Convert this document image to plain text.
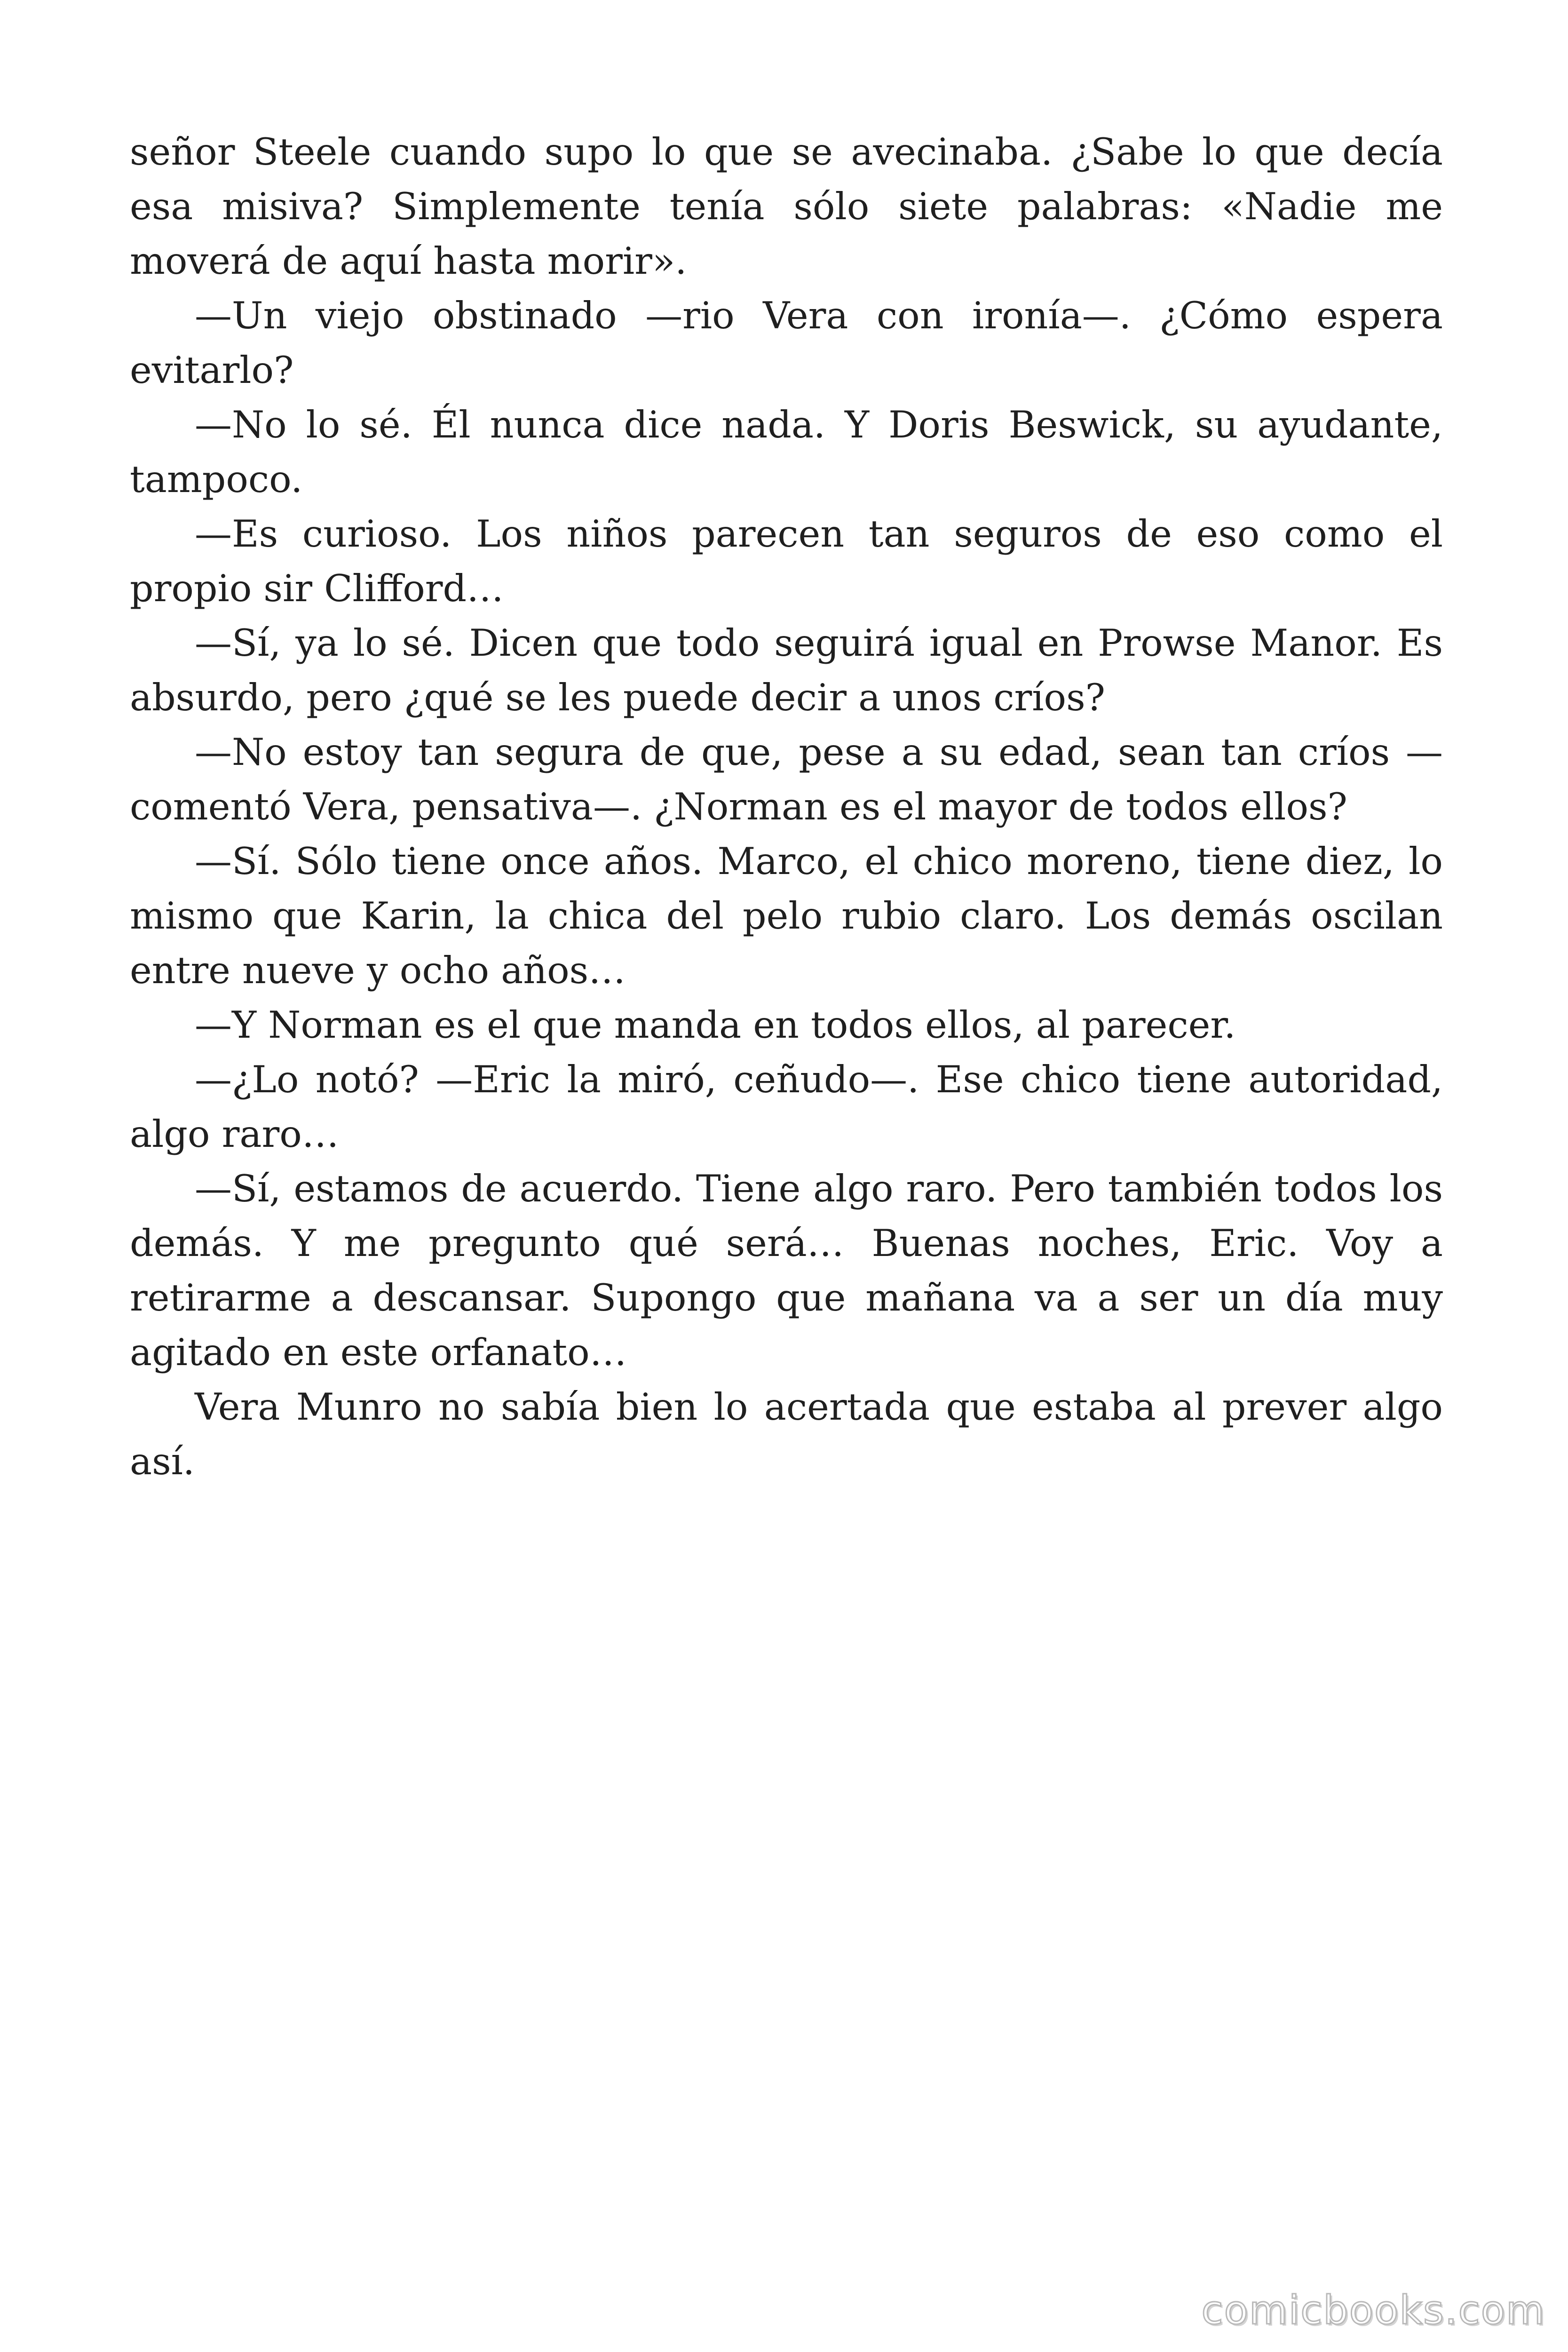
señor Steele cuando supo lo que se avecinaba. ¿Sabe lo que decía esa misiva? Simplemente tenía sólo siete palabras: «Nadie me moverá de aquí hasta morir».

—Un viejo obstinado —rio Vera con ironía—. ¿Cómo espera evitarlo?

—No lo sé. Él nunca dice nada. Y Doris Beswick, su ayudante, tampoco.

—Es curioso. Los niños parecen tan seguros de eso como el propio sir Clifford…

—Sí, ya lo sé. Dicen que todo seguirá igual en Prowse Manor. Es absurdo, pero ¿qué se les puede decir a unos críos?

—No estoy tan segura de que, pese a su edad, sean tan críos —comentó Vera, pensativa—. ¿Norman es el mayor de todos ellos?

—Sí. Sólo tiene once años. Marco, el chico moreno, tiene diez, lo mismo que Karin, la chica del pelo rubio claro. Los demás oscilan entre nueve y ocho años…

—Y Norman es el que manda en todos ellos, al parecer.

—¿Lo notó? —Eric la miró, ceñudo—. Ese chico tiene autoridad, algo raro…

—Sí, estamos de acuerdo. Tiene algo raro. Pero también todos los demás. Y me pregunto qué será… Buenas noches, Eric. Voy a retirarme a descansar. Supongo que mañana va a ser un día muy agitado en este orfanato…

Vera Munro no sabía bien lo acertada que estaba al prever algo así.

comicbooks.com
